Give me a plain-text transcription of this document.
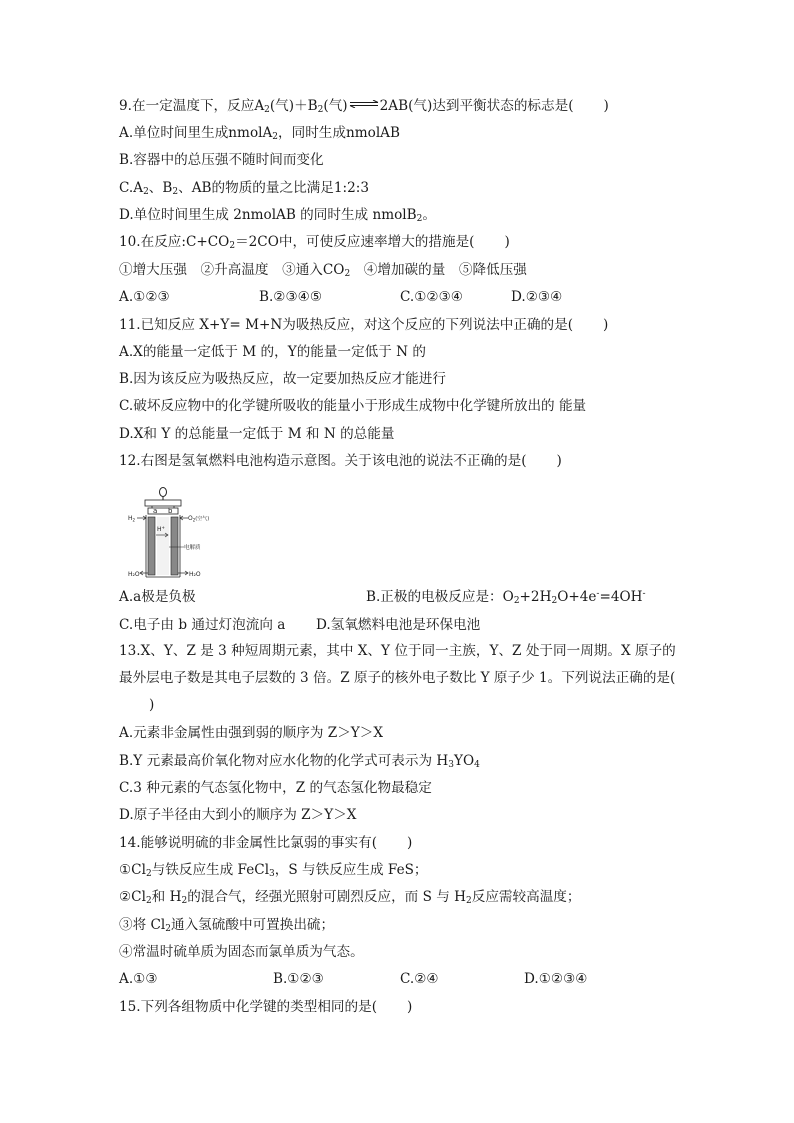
9.在一定温度下，反应$A_2$(气)$+B_2$(气)⇌2AB(气)达到平衡状态的标志是( )
A.单位时间里生成nmolA$_2$，同时生成nmolAB
B.容器中的总压强不随时间而变化
$C.A_2$、$B_2$、AB的物质的量之比满足1:2:3
D.单位时间里生成 2nmolAB 的同时生成 nmolB$_2$。
10.在反应$:C+CO_2=2CO$中，可使反应速率增大的措施是( )
①增大压强　②升高温度　③通入$CO_2$　④增加碳的量　⑤降低压强
A.①②③	B.②③④⑤	C.①②③④	D.②③④
11.已知反应 X+Y= M+N为吸热反应，对这个反应的下列说法中正确的是( )
A.X的能量一定低于 M 的，Y的能量一定低于 N 的
B.因为该反应为吸热反应，故一定要加热反应才能进行
C.破坏反应物中的化学键所吸收的能量小于形成生成物中化学键所放出的 能量
D.X和 Y 的总能量一定低于 M 和 N 的总能量
12.右图是氢氧燃料电池构造示意图。关于该电池的说法不正确的是( )
a b
H+
电解质
$H_2$	$O_2^{(空气)}$
H₂O	H₂O
A.a极是负极	B.正极的电极反应是：$O_2+2H_2O+4e^-=4OH^-$
C.电子由 b 通过灯泡流向 a D.氢氧燃料电池是环保电池
13.X、Y、Z 是 3 种短周期元素，其中 X、Y 位于同一主族，Y、Z 处于同一周期。X 原子的最外层电子数是其电子层数的 3 倍。Z 原子的核外电子数比 Y 原子少 1。下列说法正确的是()
A.元素非金属性由强到弱的顺序为 Z＞Y＞X
B.Y 元素最高价氧化物对应水化物的化学式可表示为 $H_3YO_4$
C.3 种元素的气态氢化物中，Z 的气态氢化物最稳定
D.原子半径由大到小的顺序为 Z＞Y＞X
14.能够说明硫的非金属性比氯弱的事实有( )
$①Cl_2$与铁反应生成 FeCl$_3$，S 与铁反应生成 FeS；
$②Cl_2$和 $H_2$的混合气，经强光照射可剧烈反应，而 S 与 $H_2$反应需较高温度；
③将 $Cl_2$通入氢硫酸中可置换出硫；
④常温时硫单质为固态而氯单质为气态。
A.①③	B.①②③	C.②④	D.①②③④
15.下列各组物质中化学键的类型相同的是( )
